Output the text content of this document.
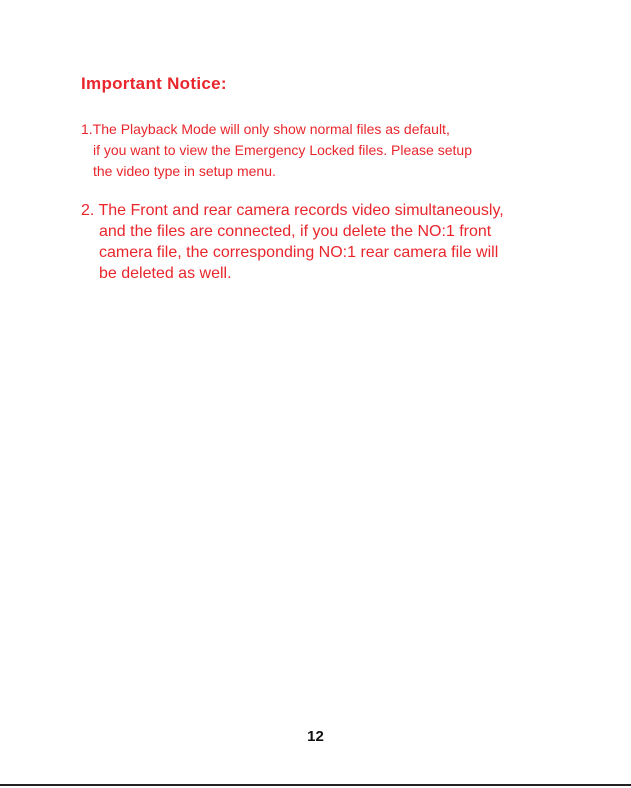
Important Notice:
1.The Playback Mode will only show normal files as default,
if you want to view the Emergency Locked files. Please setup
the video type in setup menu.
2. The Front and rear camera records video simultaneously,
and the files are connected, if you delete the NO:1 front
camera file, the corresponding NO:1 rear camera file will
be deleted as well.
12
